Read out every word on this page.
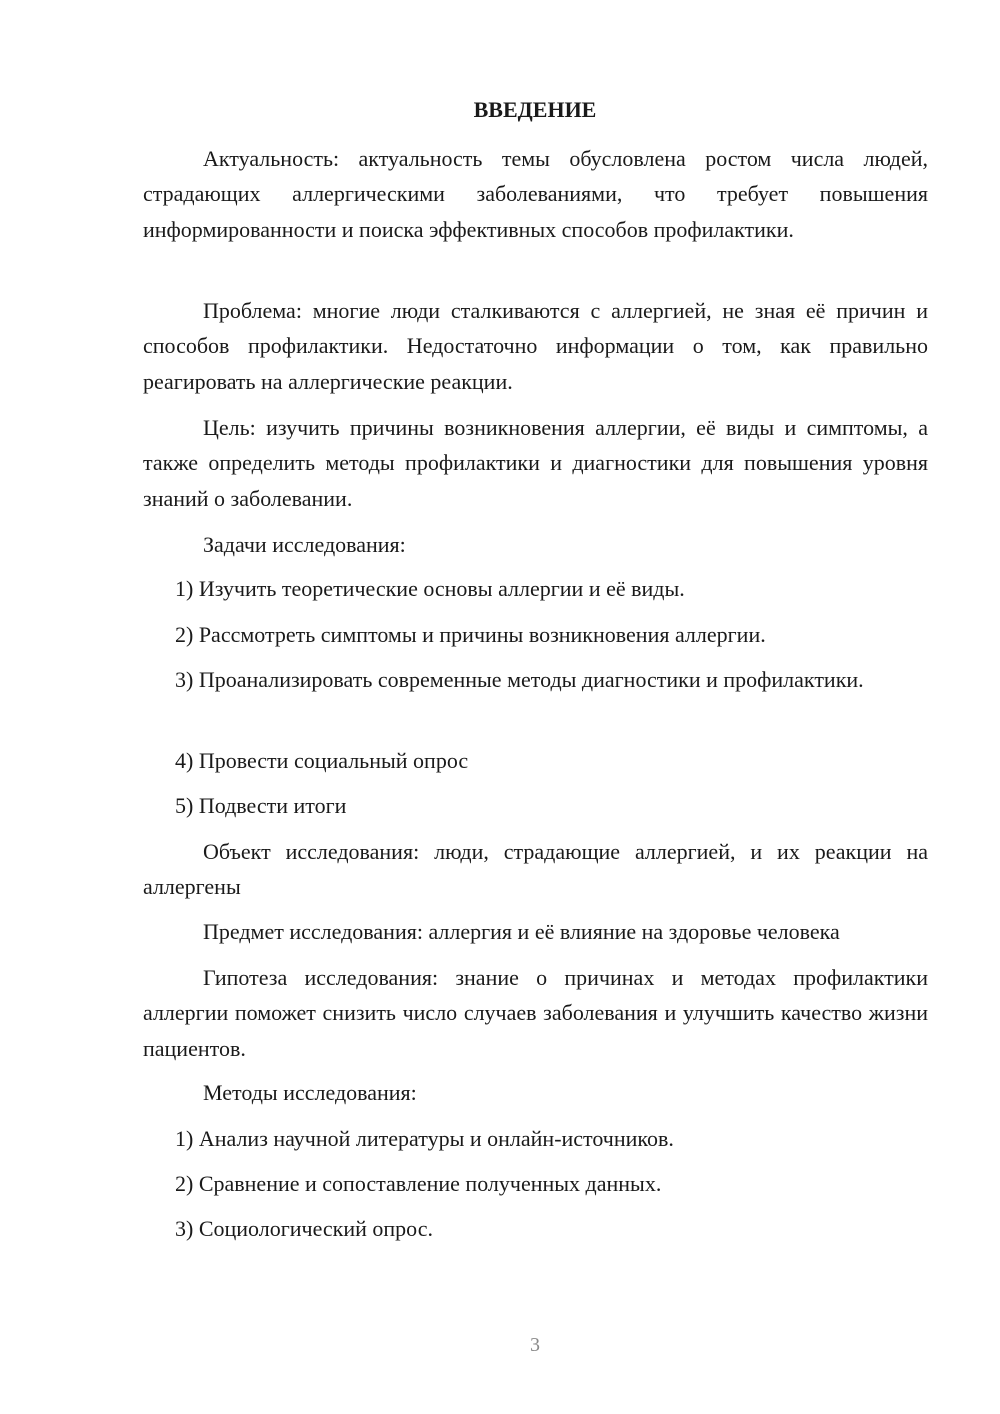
ВВЕДЕНИЕ

Актуальность: актуальность темы обусловлена ростом числа людей, страдающих аллергическими заболеваниями, что требует повышения информированности и поиска эффективных способов профилактики.

Проблема: многие люди сталкиваются с аллергией, не зная её причин и способов профилактики. Недостаточно информации о том, как правильно реагировать на аллергические реакции.

Цель: изучить причины возникновения аллергии, её виды и симптомы, а также определить методы профилактики и диагностики для повышения уровня знаний о заболевании.

Задачи исследования:

1) Изучить теоретические основы аллергии и её виды.

2) Рассмотреть симптомы и причины возникновения аллергии.

3) Проанализировать современные методы диагностики и профилактики.

4) Провести социальный опрос

5) Подвести итоги

Объект исследования: люди, страдающие аллергией, и их реакции на аллергены

Предмет исследования: аллергия и её влияние на здоровье человека

Гипотеза исследования: знание о причинах и методах профилактики аллергии поможет снизить число случаев заболевания и улучшить качество жизни пациентов.

Методы исследования:

1) Анализ научной литературы и онлайн-источников.

2) Сравнение и сопоставление полученных данных.

3) Социологический опрос.

3
